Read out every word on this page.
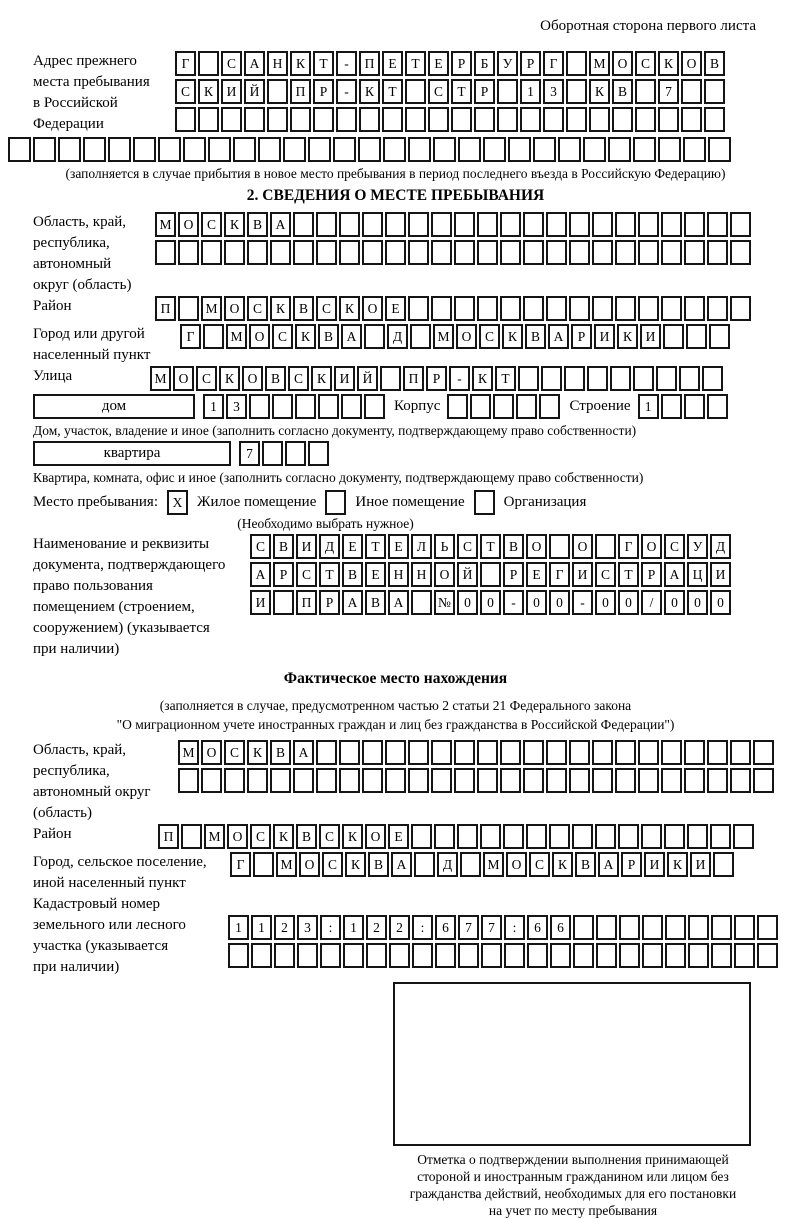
Оборотная сторона первого листа
Адрес прежнего
места пребывания
в Российской
Федерации
Г	С	А Н	К	Т	-	П	Е	Т	Е	Р	Б	У	Р	Г	М О	С	К	О	В
С	К	И Й	П	Р	-	К	Т	С	Т	Р	1	3	К	В	7
(заполняется в случае прибытия в новое место пребывания в период последнего въезда в Российскую Федерацию)
2. СВЕДЕНИЯ О МЕСТЕ ПРЕБЫВАНИЯ
Область, край,
республика,
автономный
округ (область)
М О	С	К	В	А
Район	П	М О	С	К	В	С	К	О	Е
Город или другой
населенный пункт
Г	М О	С	К	В	А	Д	М О	С	К	В	А	Р	И	К	И
Улица	М О	С	К	О	В	С	К	И Й	П	Р	-	К	Т
дом	1	3	Корпус	Строение	1
Дом, участок, владение и иное (заполнить согласно документу, подтверждающему право собственности)
квартира	7
Квартира, комната, офис и иное (заполнить согласно документу, подтверждающему право собственности)
Место пребывания:	X Жилое помещение	Иное помещение	Организация
(Необходимо выбрать нужное)
Наименование и реквизиты
документа, подтверждающего
право пользования
помещением (строением,
сооружением) (указывается
при наличии)
С	В	И	Д	Е	Т	Е	Л	Ь	С	Т	В	О	О	Г	О	С	У	Д
А	Р	С	Т	В	Е	Н Н О Й	Р	Е	Г	И	С	Т	Р	А Ц И
И	П	Р	А	В	А	№ 0	0	-	0	0	-	0	0	/	0	0	0
Фактическое место нахождения
(заполняется в случае, предусмотренном частью 2 статьи 21 Федерального закона
"О миграционном учете иностранных граждан и лиц без гражданства в Российской Федерации")
Область, край,
республика,
автономный округ
(область)
М О	С	К	В	А
Район	П	М О	С	К	В	С	К	О	Е
Город, сельское поселение,
иной населенный пункт
Г	М О	С	К	В	А	Д	М О	С	К	В	А	Р	И	К	И
Кадастровый номер
земельного или лесного
участка (указывается
при наличии)
1	1	2	3	:	1	2	2	:	6	7	7	:	6	6
Отметка о подтверждении выполнения принимающей
стороной и иностранным гражданином или лицом без
гражданства действий, необходимых для его постановки
на учет по месту пребывания
